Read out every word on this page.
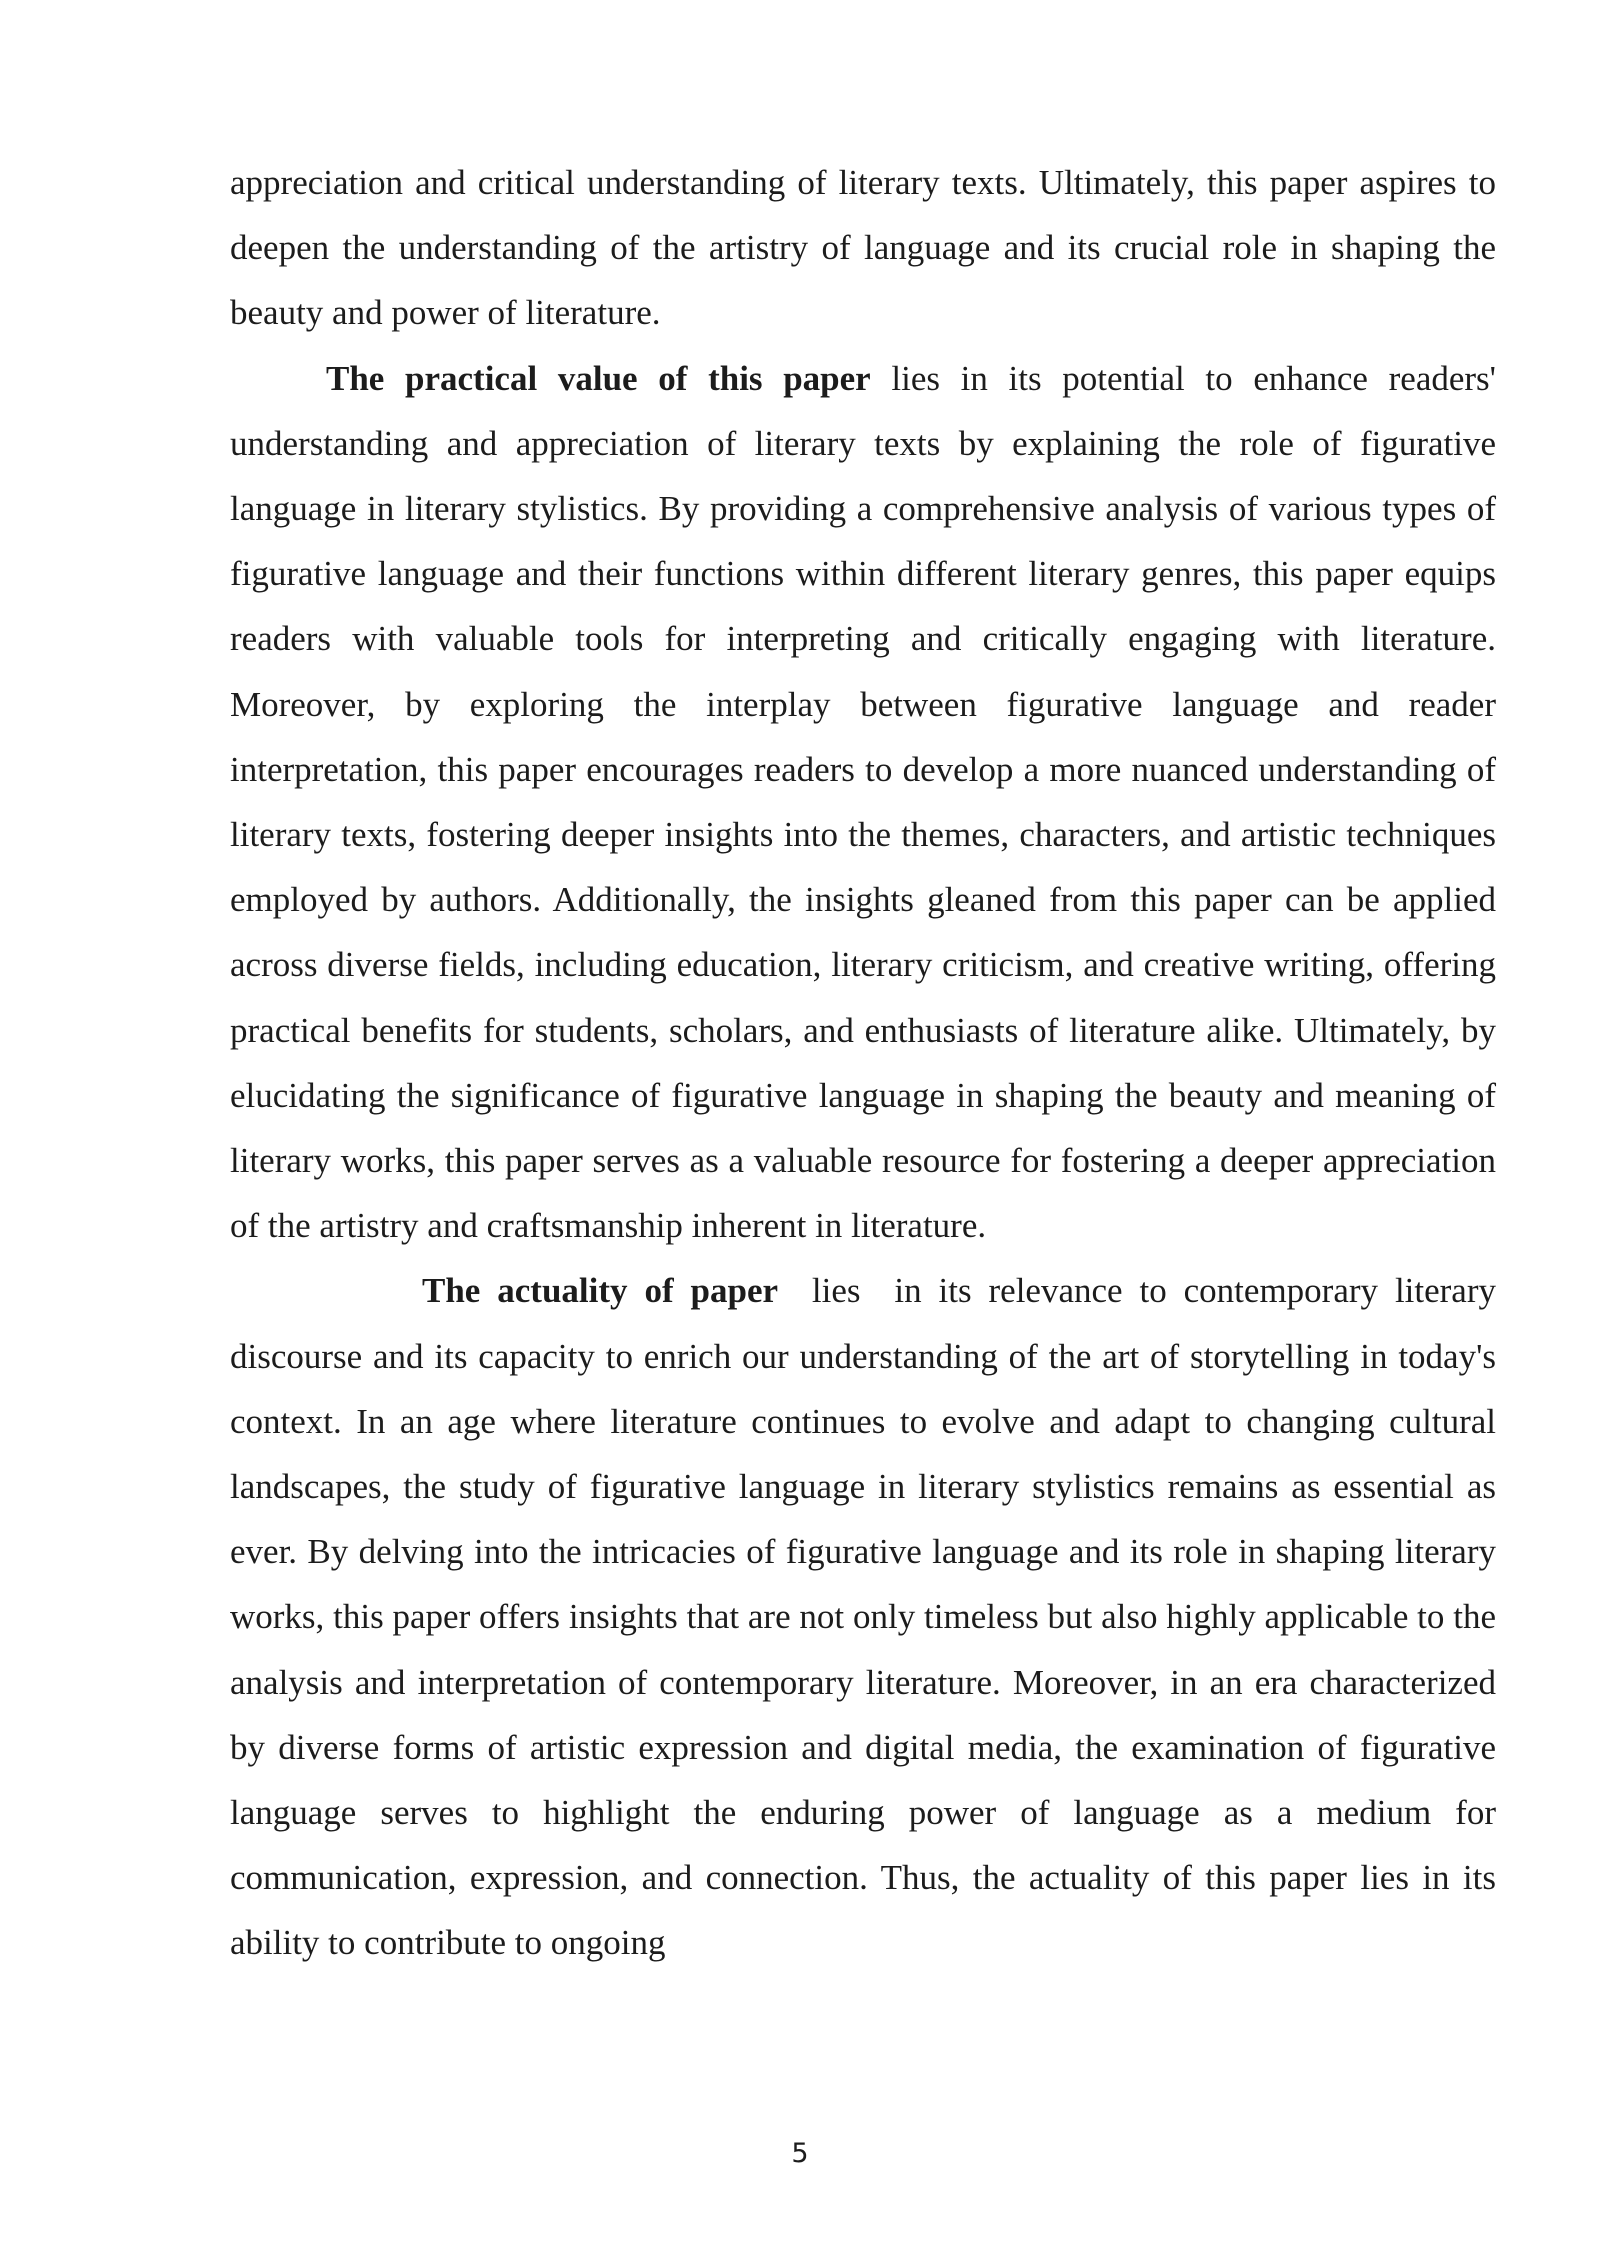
appreciation and critical understanding of literary texts. Ultimately, this paper aspires to deepen the understanding of the artistry of language and its crucial role in shaping the beauty and power of literature.

The practical value of this paper lies in its potential to enhance readers' understanding and appreciation of literary texts by explaining the role of figurative language in literary stylistics. By providing a comprehensive analysis of various types of figurative language and their functions within different literary genres, this paper equips readers with valuable tools for interpreting and critically engaging with literature. Moreover, by exploring the interplay between figurative language and reader interpretation, this paper encourages readers to develop a more nuanced understanding of literary texts, fostering deeper insights into the themes, characters, and artistic techniques employed by authors. Additionally, the insights gleaned from this paper can be applied across diverse fields, including education, literary criticism, and creative writing, offering practical benefits for students, scholars, and enthusiasts of literature alike. Ultimately, by elucidating the significance of figurative language in shaping the beauty and meaning of literary works, this paper serves as a valuable resource for fostering a deeper appreciation of the artistry and craftsmanship inherent in literature.

The actuality of paper  lies  in its relevance to contemporary literary discourse and its capacity to enrich our understanding of the art of storytelling in today's context. In an age where literature continues to evolve and adapt to changing cultural landscapes, the study of figurative language in literary stylistics remains as essential as ever. By delving into the intricacies of figurative language and its role in shaping literary works, this paper offers insights that are not only timeless but also highly applicable to the analysis and interpretation of contemporary literature. Moreover, in an era characterized by diverse forms of artistic expression and digital media, the examination of figurative language serves to highlight the enduring power of language as a medium for communication, expression, and connection. Thus, the actuality of this paper lies in its ability to contribute to ongoing

5
